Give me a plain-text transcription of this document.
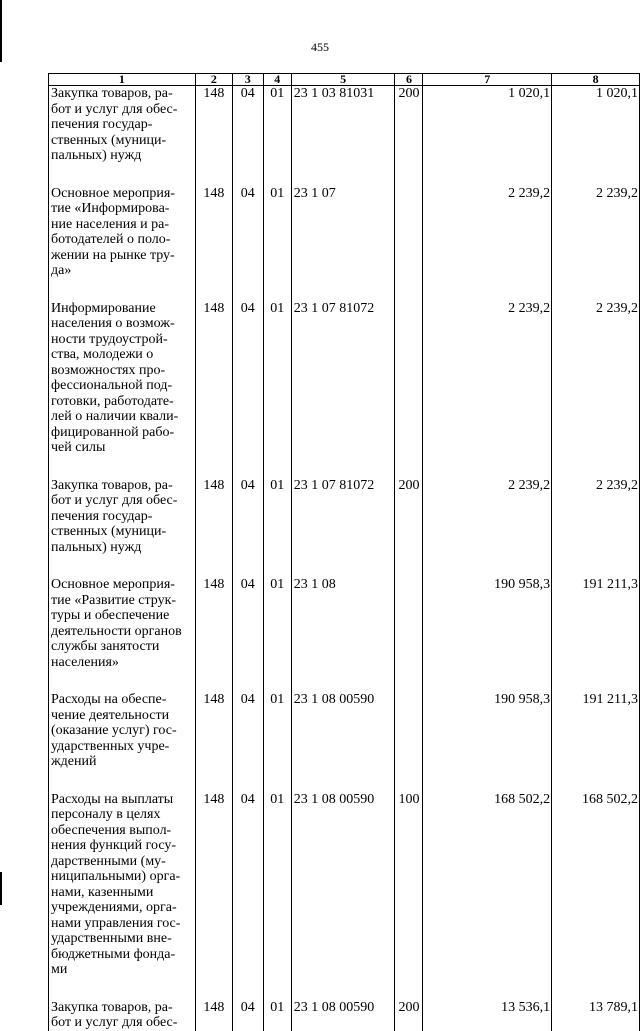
455
1	2	3	4	5	6	7	8
Закупка товаров, ра- бот и услуг для обес- печения государ- ственных (муници- пальных) нужд	148	04	01	23 1 03 81031	200	1 020,1	1 020,1
Основное мероприя- тие «Информирова- ние населения и ра- ботодателей о поло- жении на рынке тру- да»	148	04	01	23 1 07		2 239,2	2 239,2
Информирование населения о возмож- ности трудоустрой- ства, молодежи о возможностях про- фессиональной под- готовки, работодате- лей о наличии квали- фицированной рабо- чей силы	148	04	01	23 1 07 81072		2 239,2	2 239,2
Закупка товаров, ра- бот и услуг для обес- печения государ- ственных (муници- пальных) нужд	148	04	01	23 1 07 81072	200	2 239,2	2 239,2
Основное мероприя- тие «Развитие струк- туры и обеспечение деятельности органов службы занятости населения»	148	04	01	23 1 08		190 958,3	191 211,3
Расходы на обеспе- чение деятельности (оказание услуг) гос- ударственных учре- ждений	148	04	01	23 1 08 00590		190 958,3	191 211,3
Расходы на выплаты персоналу в целях обеспечения выпол- нения функций госу- дарственными (му- ниципальными) орга- нами, казенными учреждениями, орга- нами управления гос- ударственными вне- бюджетными фонда- ми	148	04	01	23 1 08 00590	100	168 502,2	168 502,2
Закупка товаров, ра- бот и услуг для обес-	148	04	01	23 1 08 00590	200	13 536,1	13 789,1
